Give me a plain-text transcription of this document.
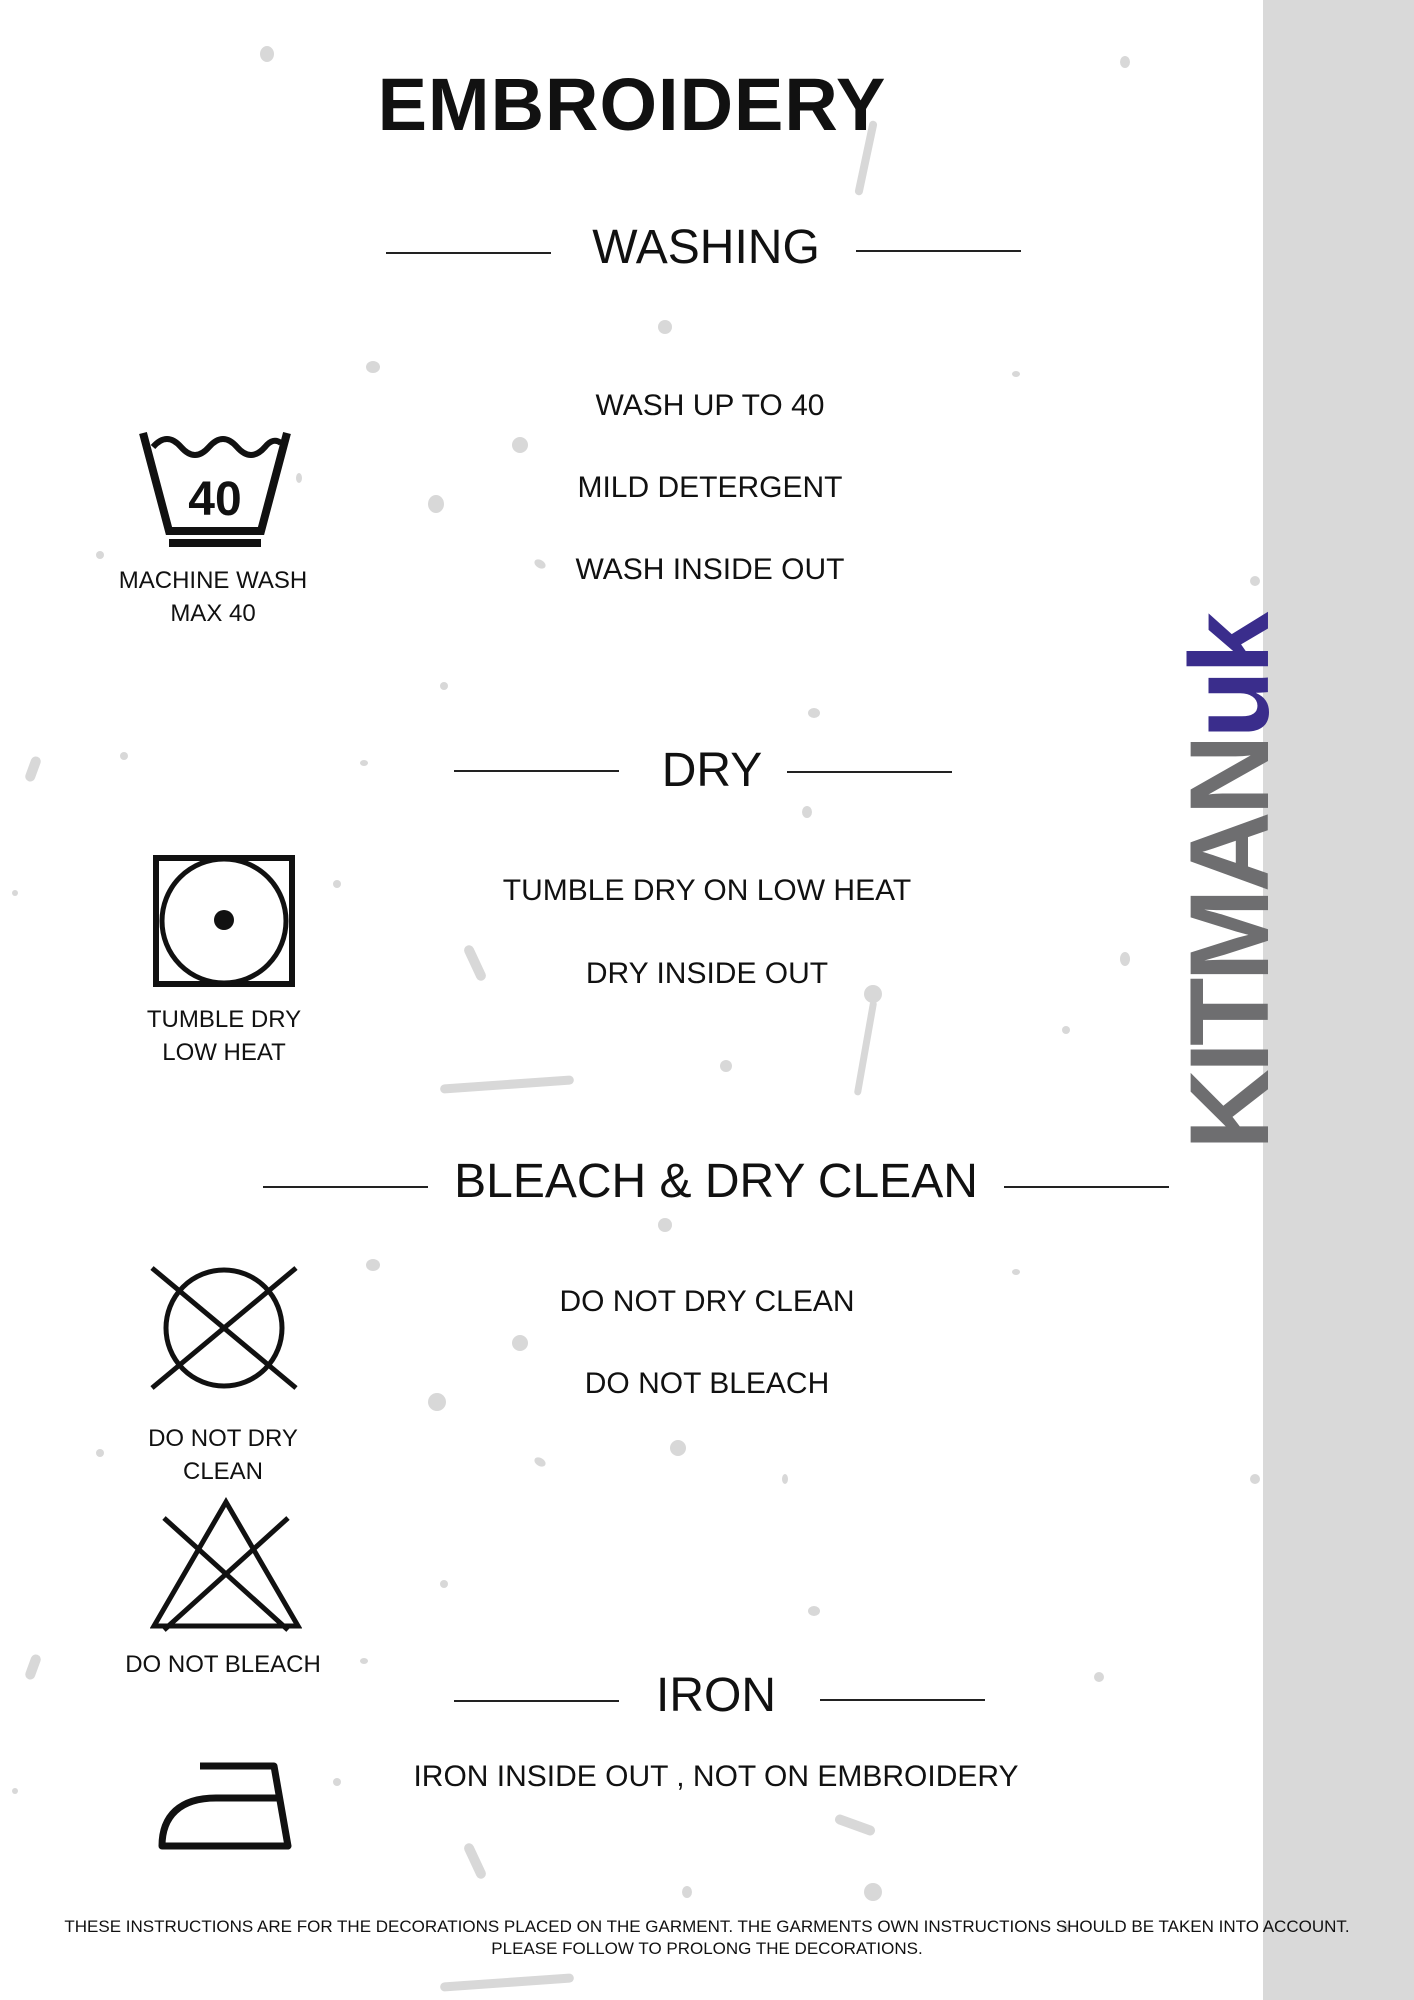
KITMANuk
EMBROIDERY
WASHING
40
MACHINE WASH
MAX 40
WASH UP TO 40
MILD DETERGENT
WASH INSIDE OUT
DRY
TUMBLE DRY
LOW HEAT
TUMBLE DRY ON LOW HEAT
DRY INSIDE OUT
BLEACH & DRY CLEAN
DO NOT DRY
CLEAN
DO NOT BLEACH
DO NOT DRY CLEAN
DO NOT BLEACH
IRON
IRON INSIDE OUT , NOT ON EMBROIDERY
THESE INSTRUCTIONS ARE FOR THE DECORATIONS PLACED ON THE GARMENT. THE GARMENTS OWN INSTRUCTIONS SHOULD BE TAKEN INTO ACCOUNT.
PLEASE FOLLOW TO PROLONG THE DECORATIONS.
